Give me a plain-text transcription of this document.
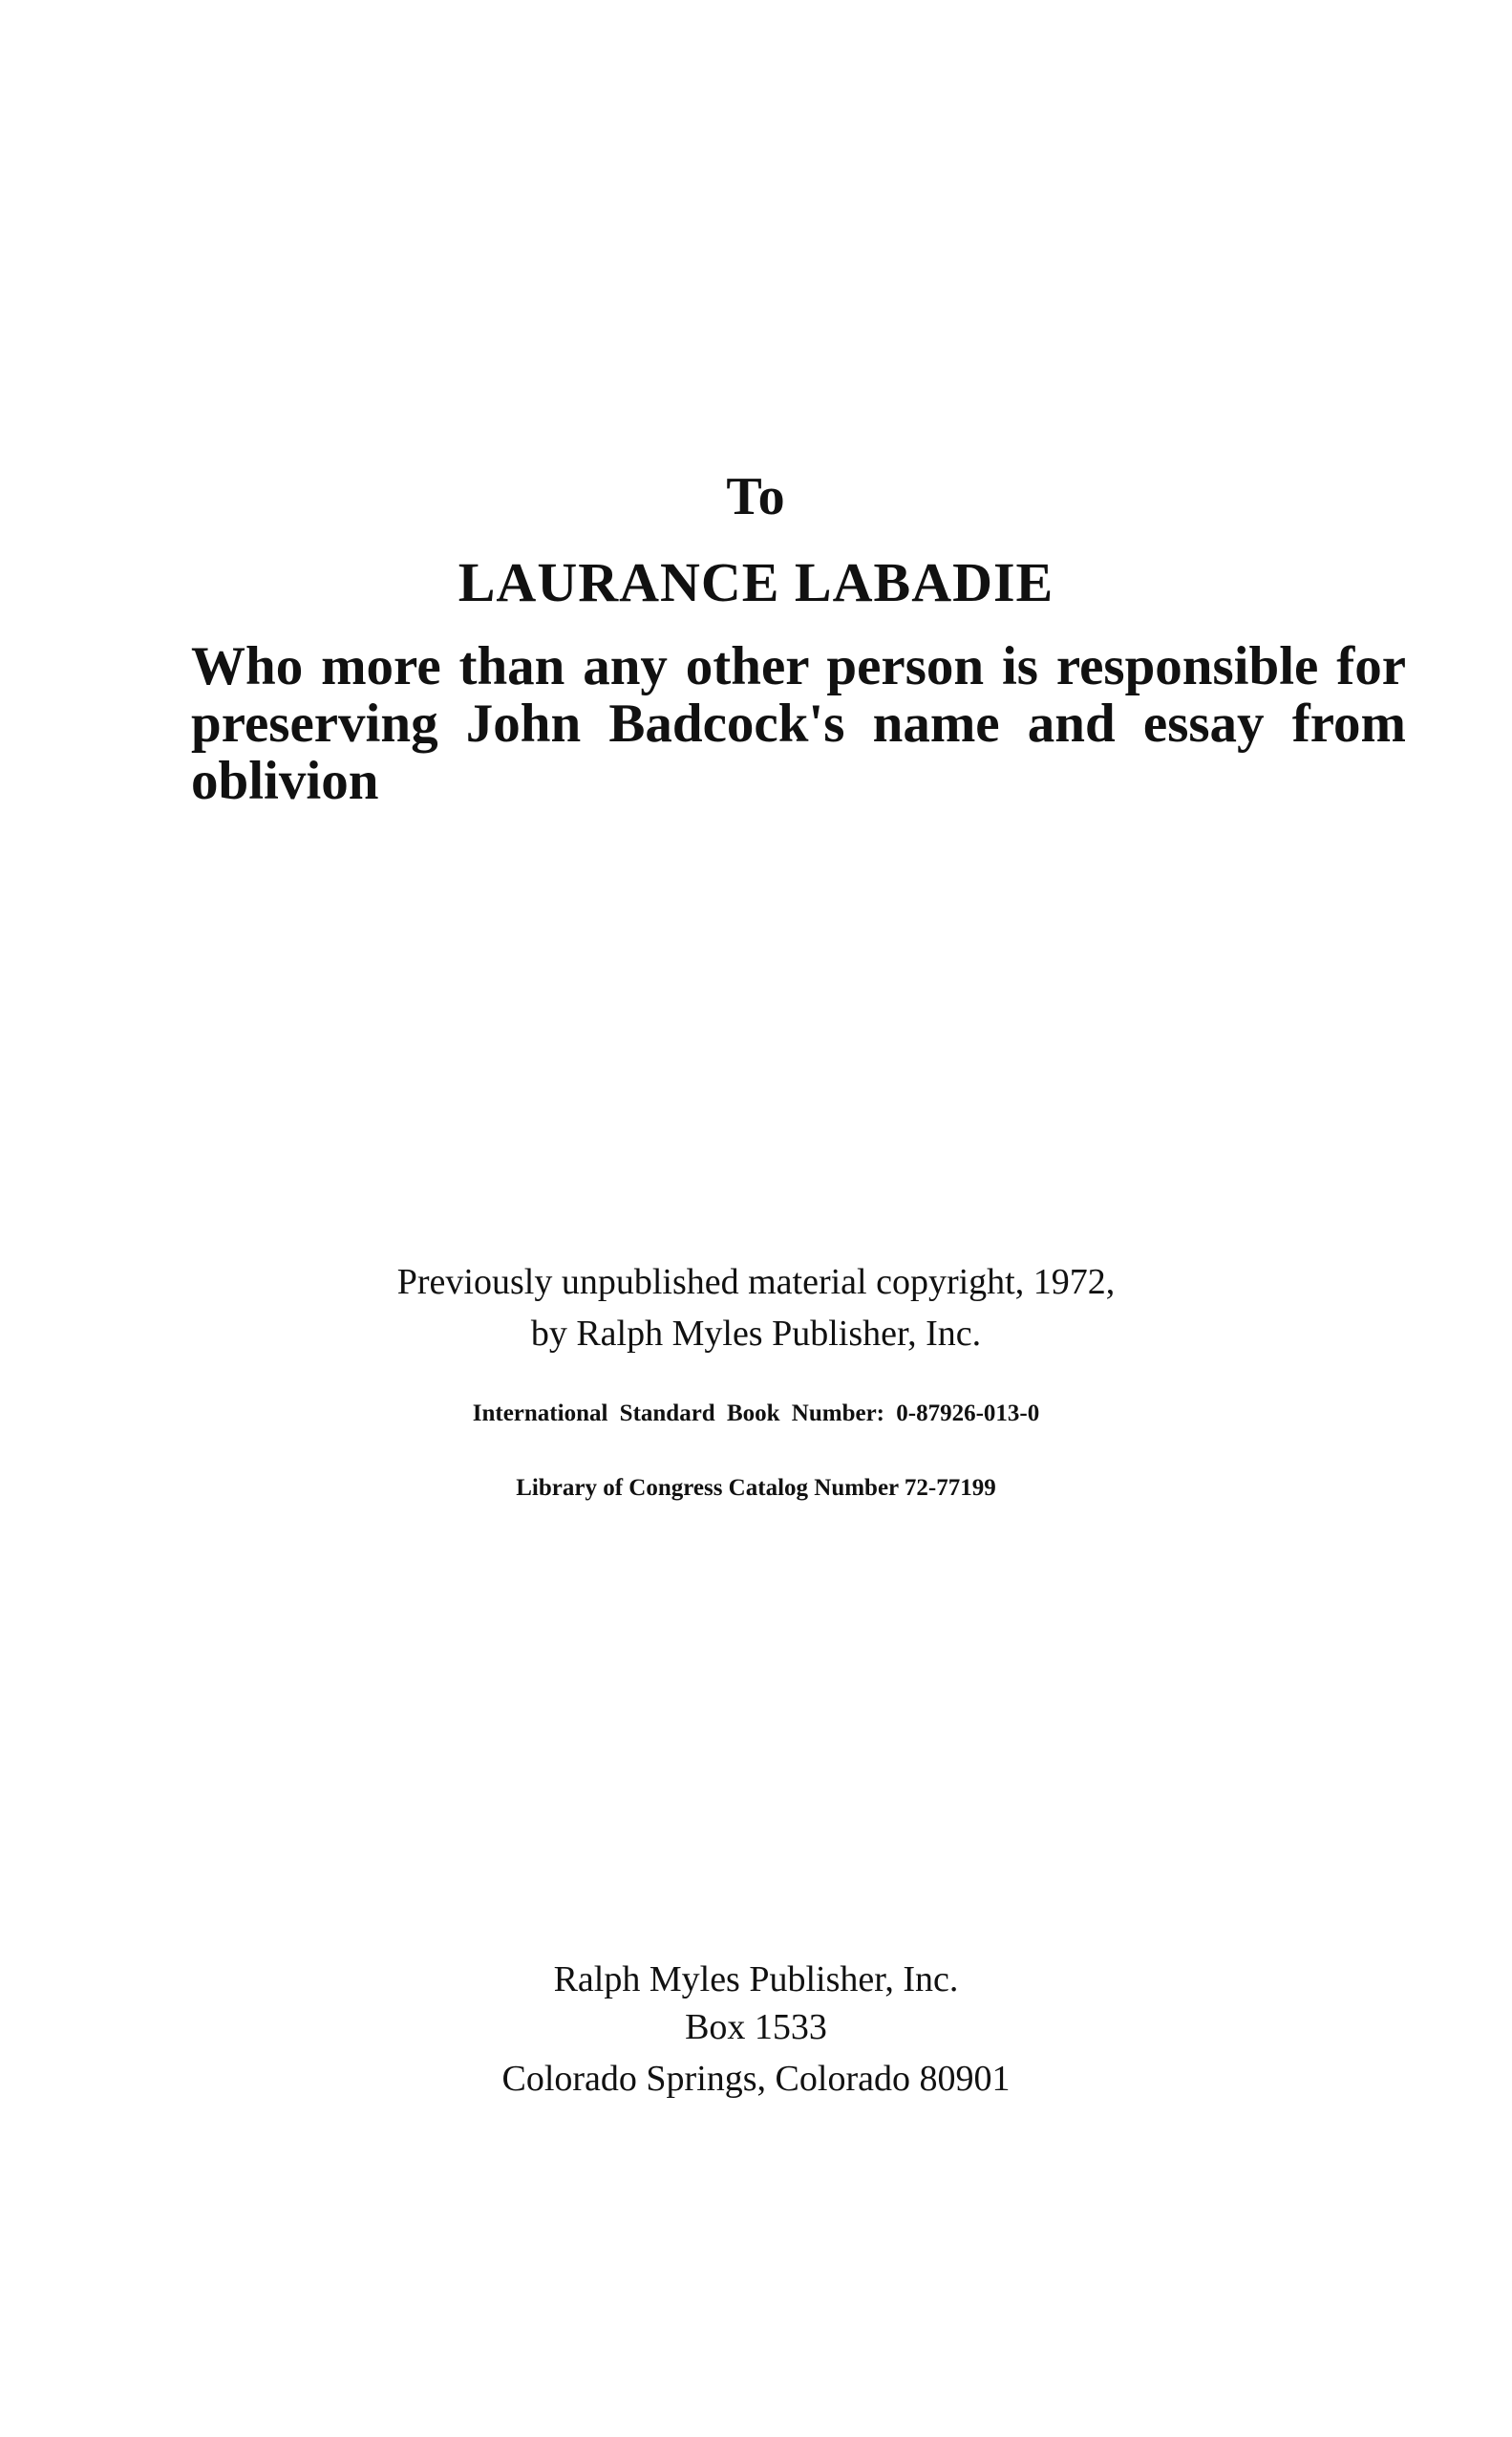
To
LAURANCE LABADIE
Who more than any other person is responsible for
preserving John Badcock's name and essay from
oblivion
Previously unpublished material copyright, 1972,
by Ralph Myles Publisher, Inc.
International Standard Book Number: 0-87926-013-0
Library of Congress Catalog Number 72-77199
Ralph Myles Publisher, Inc.
Box 1533
Colorado Springs, Colorado 80901
